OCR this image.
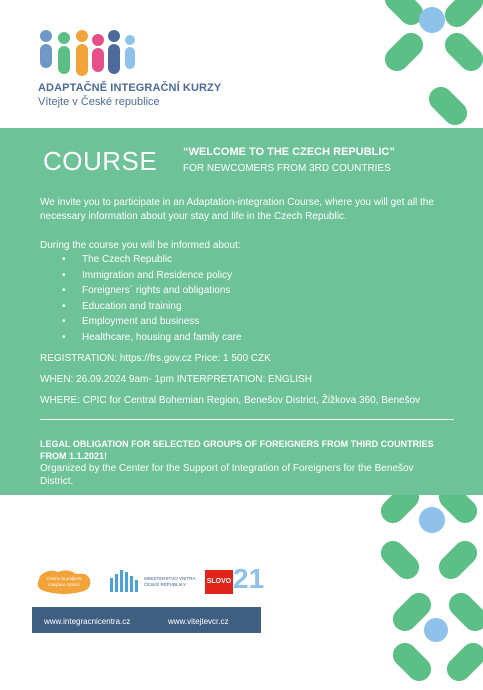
ADAPTAČNĚ INTEGRAČNÍ KURZY
Vítejte v České republice
COURSE “WELCOME TO THE CZECH REPUBLIC”
FOR NEWCOMERS FROM 3RD COUNTRIES
We invite you to participate in an Adaptation-integration Course, where you will get all the necessary information about your stay and life in the Czech Republic.
During the course you will be informed about:
• The Czech Republic
• Immigration and Residence policy
• Foreigners´ rights and obligations
• Education and training
• Employment and business
• Healthcare, housing and family care
REGISTRATION: https://frs.gov.cz Price: 1 500 CZK
WHEN: 26.09.2024 9am- 1pm INTERPRETATION: ENGLISH
WHERE: CPIC for Central Bohemian Region, Benešov District, Žižkova 360, Benešov
LEGAL OBLIGATION FOR SELECTED GROUPS OF FOREIGNERS FROM THIRD COUNTRIES FROM 1.1.2021!
Organized by the Center for the Support of Integration of Foreigners for the Benešov District.
Centra na podporu
integrace cizinců
MINISTERSTVO VNITRA
ČESKÉ REPUBLIKY	SLOVO 21
www.integracnicentra.cz	www.vitejtevcr.cz
